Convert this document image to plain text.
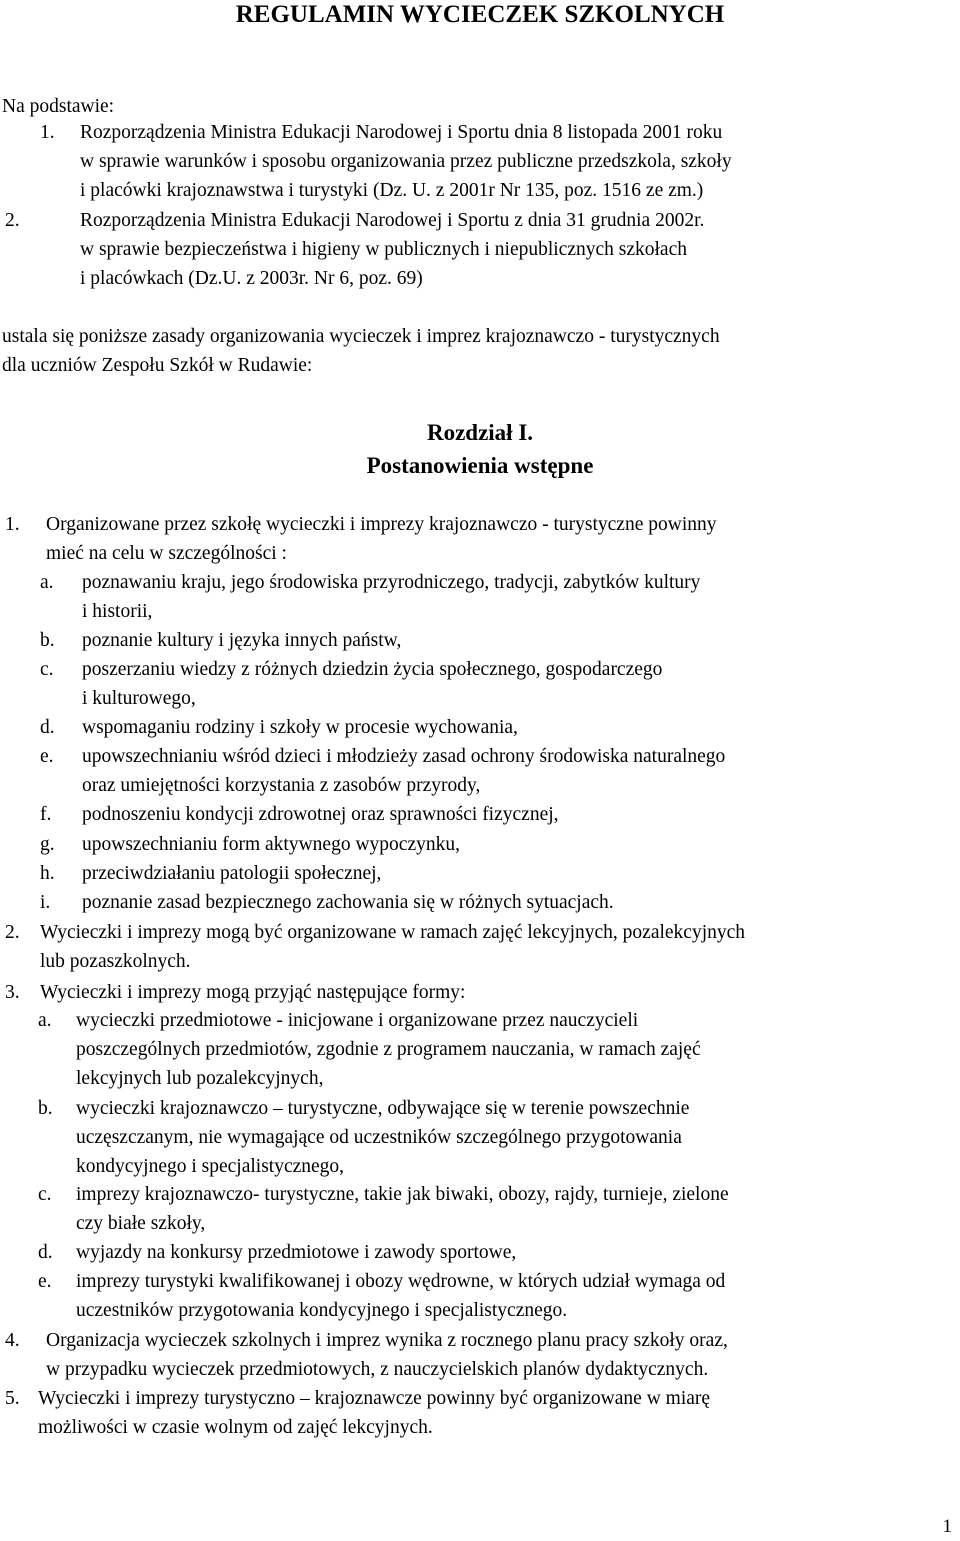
REGULAMIN WYCIECZEK SZKOLNYCH
Na podstawie:
1.	Rozporządzenia Ministra Edukacji Narodowej i Sportu dnia 8 listopada 2001 roku
w sprawie warunków i sposobu organizowania przez publiczne przedszkola, szkoły
i placówki krajoznawstwa i turystyki (Dz. U. z 2001r Nr 135, poz. 1516 ze zm.)
2.	Rozporządzenia Ministra Edukacji Narodowej i Sportu z dnia 31 grudnia 2002r.
w sprawie bezpieczeństwa i higieny w publicznych i niepublicznych szkołach
i placówkach (Dz.U. z 2003r. Nr 6, poz. 69)
ustala się poniższe zasady organizowania wycieczek i imprez krajoznawczo - turystycznych
dla uczniów Zespołu Szkół w Rudawie:
Rozdział I.
Postanowienia wstępne
1.	Organizowane przez szkołę wycieczki i imprezy krajoznawczo - turystyczne powinny
mieć na celu w szczególności :
a.	poznawaniu kraju, jego środowiska przyrodniczego, tradycji, zabytków kultury
i historii,
b.	poznanie kultury i języka innych państw,
c.	poszerzaniu wiedzy z różnych dziedzin życia społecznego, gospodarczego
i kulturowego,
d.	wspomaganiu rodziny i szkoły w procesie wychowania,
e.	upowszechnianiu wśród dzieci i młodzieży zasad ochrony środowiska naturalnego
oraz umiejętności korzystania z zasobów przyrody,
f.	podnoszeniu kondycji zdrowotnej oraz sprawności fizycznej,
g.	upowszechnianiu form aktywnego wypoczynku,
h.	przeciwdziałaniu patologii społecznej,
i.	poznanie zasad bezpiecznego zachowania się w różnych sytuacjach.
2.	Wycieczki i imprezy mogą być organizowane w ramach zajęć lekcyjnych, pozalekcyjnych
lub pozaszkolnych.
3.	Wycieczki i imprezy mogą przyjąć następujące formy:
a.	wycieczki przedmiotowe - inicjowane i organizowane przez nauczycieli
poszczególnych przedmiotów, zgodnie z programem nauczania, w ramach zajęć
lekcyjnych lub pozalekcyjnych,
b.	wycieczki krajoznawczo – turystyczne, odbywające się w terenie powszechnie
uczęszczanym, nie wymagające od uczestników szczególnego przygotowania
kondycyjnego i specjalistycznego,
c.	imprezy krajoznawczo- turystyczne, takie jak biwaki, obozy, rajdy, turnieje, zielone
czy białe szkoły,
d.	wyjazdy na konkursy przedmiotowe i zawody sportowe,
e.	imprezy turystyki kwalifikowanej i obozy wędrowne, w których udział wymaga od
uczestników przygotowania kondycyjnego i specjalistycznego.
4.	Organizacja wycieczek szkolnych i imprez wynika z rocznego planu pracy szkoły oraz,
w przypadku wycieczek przedmiotowych, z nauczycielskich planów dydaktycznych.
5. Wycieczki i imprezy turystyczno – krajoznawcze powinny być organizowane w miarę
możliwości w czasie wolnym od zajęć lekcyjnych.
1
